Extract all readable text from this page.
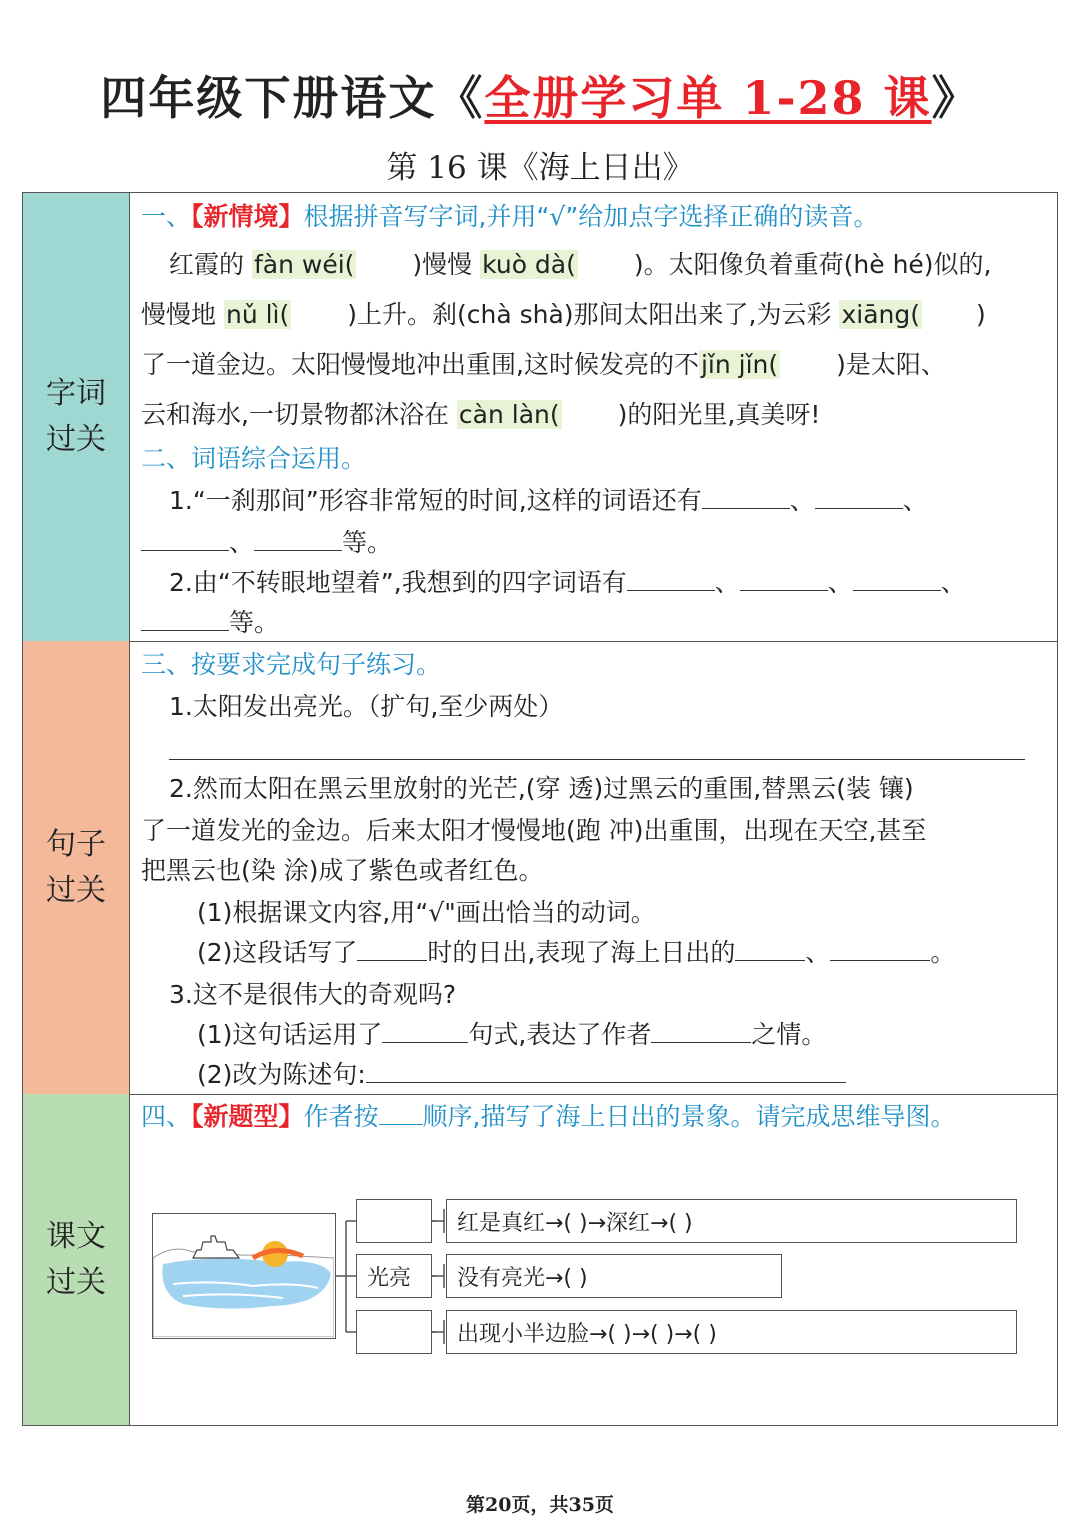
四年级下册语文《全册学习单 1-28 课》
第 16 课《海上日出》
字词
过关
句子
过关
课文
过关
一、【新情境】根据拼音写字词,并用“√”给加点字选择正确的读音。
红霞的 fàn wéi( )慢慢 kuò dà( )。太阳像负着重荷(hè hé)似的,
慢慢地 nǔ lì( )上升。刹(chà shà)那间太阳出来了,为云彩 xiāng( )
了一道金边。太阳慢慢地冲出重围,这时候发亮的不jǐn jǐn( )是太阳、
云和海水,一切景物都沐浴在 càn làn( )的阳光里,真美呀!
二、词语综合运用。
1.“一刹那间”形容非常短的时间,这样的词语还有	、	、
、	等。
2.由“不转眼地望着”,我想到的四字词语有	、	、	、
等。
三、按要求完成句子练习。
1.太阳发出亮光。（扩句,至少两处）
2.然而太阳在黑云里放射的光芒,(穿 透)过黑云的重围,替黑云(装 镶)
了一道发光的金边。后来太阳才慢慢地(跑 冲)出重围，出现在天空,甚至
把黑云也(染 涂)成了紫色或者红色。
(1)根据课文内容,用“√"画出恰当的动词。
(2)这段话写了	时的日出,表现了海上日出的	、	。
3.这不是很伟大的奇观吗?
(1)这句话运用了	句式,表达了作者	之情。
(2)改为陈述句:
四、【新题型】作者按 顺序,描写了海上日出的景象。请完成思维导图。
光亮
红是真红→( )→深红→( )
没有亮光→( )
出现小半边脸→( )→( )→( )
第20页，共35页
